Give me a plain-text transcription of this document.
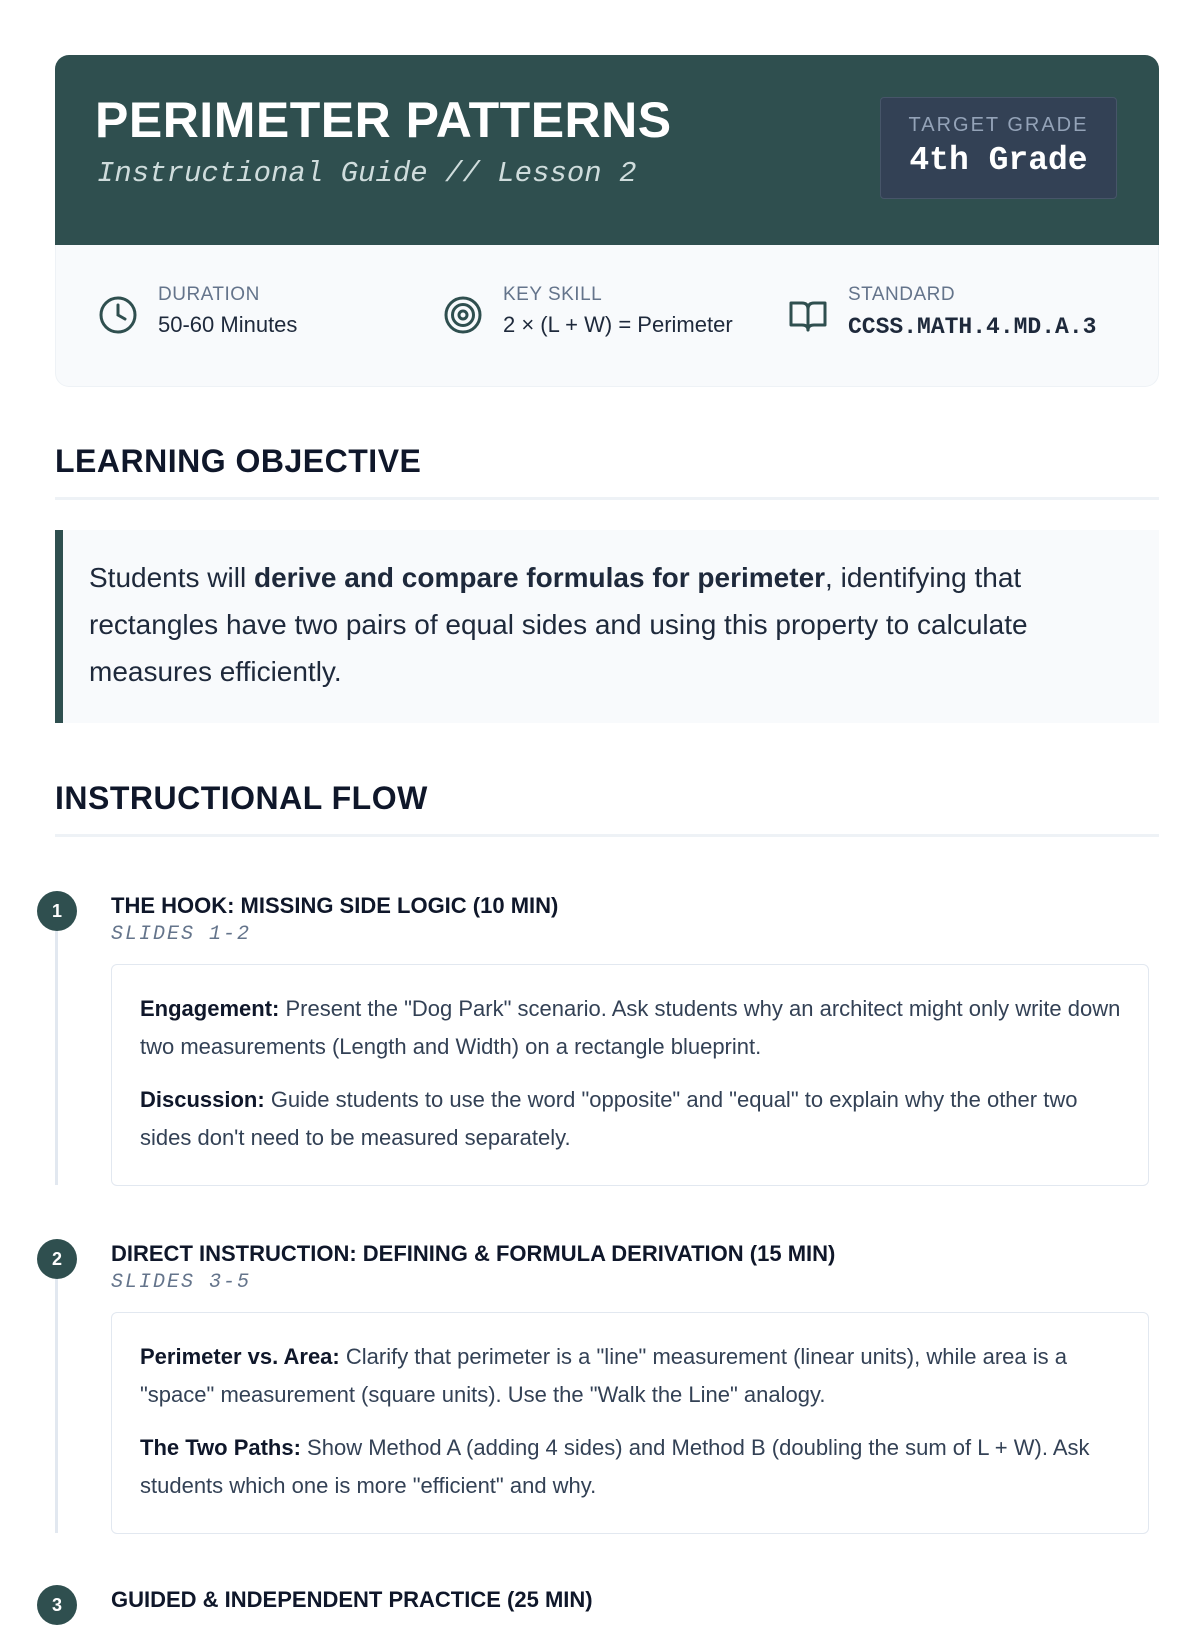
PERIMETER PATTERNS
Instructional Guide // Lesson 2
TARGET GRADE
4th Grade
DURATION
50-60 Minutes
KEY SKILL
2 × (L + W) = Perimeter
STANDARD
CCSS.MATH.4.MD.A.3
LEARNING OBJECTIVE

Students will derive and compare formulas for perimeter, identifying that rectangles have two pairs of equal sides and using this property to calculate measures efficiently.

INSTRUCTIONAL FLOW
1	THE HOOK: MISSING SIDE LOGIC (10 MIN)
SLIDES 1-2

Engagement: Present the "Dog Park" scenario. Ask students why an architect might only write down two measurements (Length and Width) on a rectangle blueprint.

Discussion: Guide students to use the word "opposite" and "equal" to explain why the other two sides don't need to be measured separately.

2	DIRECT INSTRUCTION: DEFINING & FORMULA DERIVATION (15 MIN)
SLIDES 3-5

Perimeter vs. Area: Clarify that perimeter is a "line" measurement (linear units), while area is a "space" measurement (square units). Use the "Walk the Line" analogy.

The Two Paths: Show Method A (adding 4 sides) and Method B (doubling the sum of L + W). Ask students which one is more "efficient" and why.

3	GUIDED & INDEPENDENT PRACTICE (25 MIN)
